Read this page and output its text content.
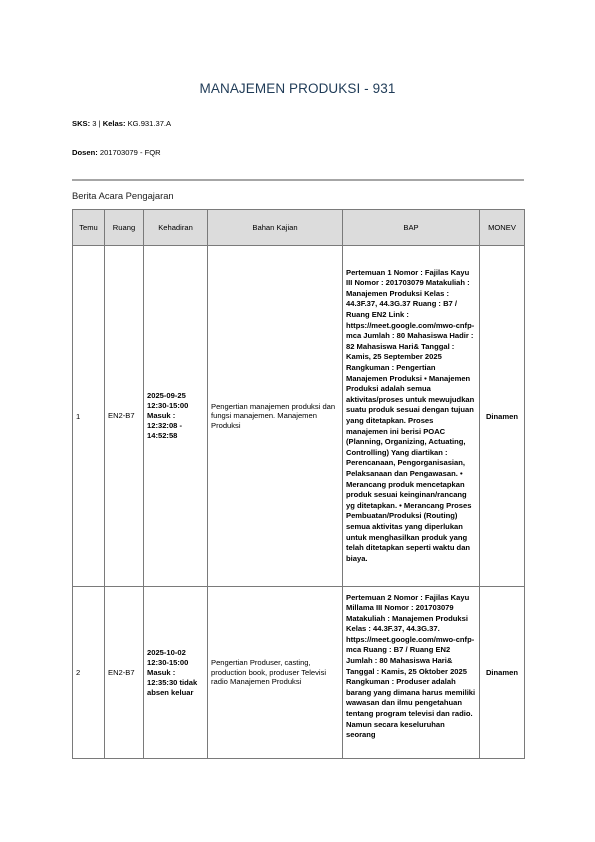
MANAJEMEN PRODUKSI - 931
SKS: 3 | Kelas: KG.931.37.A
Dosen: 201703079 - FQR
Berita Acara Pengajaran
Temu	Ruang	Kehadiran	Bahan Kajian	BAP	MONEV
1	EN2-B7	2025-09-25 12:30-15:00 Masuk : 12:32:08 - 14:52:58	Pengertian manajemen produksi dan fungsi manajemen. Manajemen Produksi	Pertemuan 1 Nomor : Fajilas Kayu III Nomor : 201703079 Matakuliah : Manajemen Produksi Kelas : 44.3F.37, 44.3G.37 Ruang : B7 / Ruang EN2 Link : https://meet.google.com/mwo-cnfp-mca Jumlah : 80 Mahasiswa Hadir : 82 Mahasiswa Hari& Tanggal : Kamis, 25 September 2025 Rangkuman : Pengertian Manajemen Produksi • Manajemen Produksi adalah semua aktivitas/proses untuk mewujudkan suatu produk sesuai dengan tujuan yang ditetapkan. Proses manajemen ini berisi POAC (Planning, Organizing, Actuating, Controlling) Yang diartikan : Perencanaan, Pengorganisasian, Pelaksanaan dan Pengawasan. • Merancang produk mencetapkan produk sesuai keinginan/rancang yg ditetapkan. • Merancang Proses Pembuatan/Produksi (Routing) semua aktivitas yang diperlukan untuk menghasilkan produk yang telah ditetapkan seperti waktu dan biaya.	Dinamen
2	EN2-B7	2025-10-02 12:30-15:00 Masuk : 12:35:30 tidak absen keluar	Pengertian Produser, casting, production book, produser Televisi radio Manajemen Produksi	Pertemuan 2 Nomor : Fajilas Kayu Millama III Nomor : 201703079 Matakuliah : Manajemen Produksi Kelas : 44.3F.37, 44.3G.37. https://meet.google.com/mwo-cnfp-mca Ruang : B7 / Ruang EN2 Jumlah : 80 Mahasiswa Hari& Tanggal : Kamis, 25 Oktober 2025 Rangkuman : Produser adalah barang yang dimana harus memiliki wawasan dan ilmu pengetahuan tentang program televisi dan radio. Namun secara keseluruhan seorang	Dinamen
